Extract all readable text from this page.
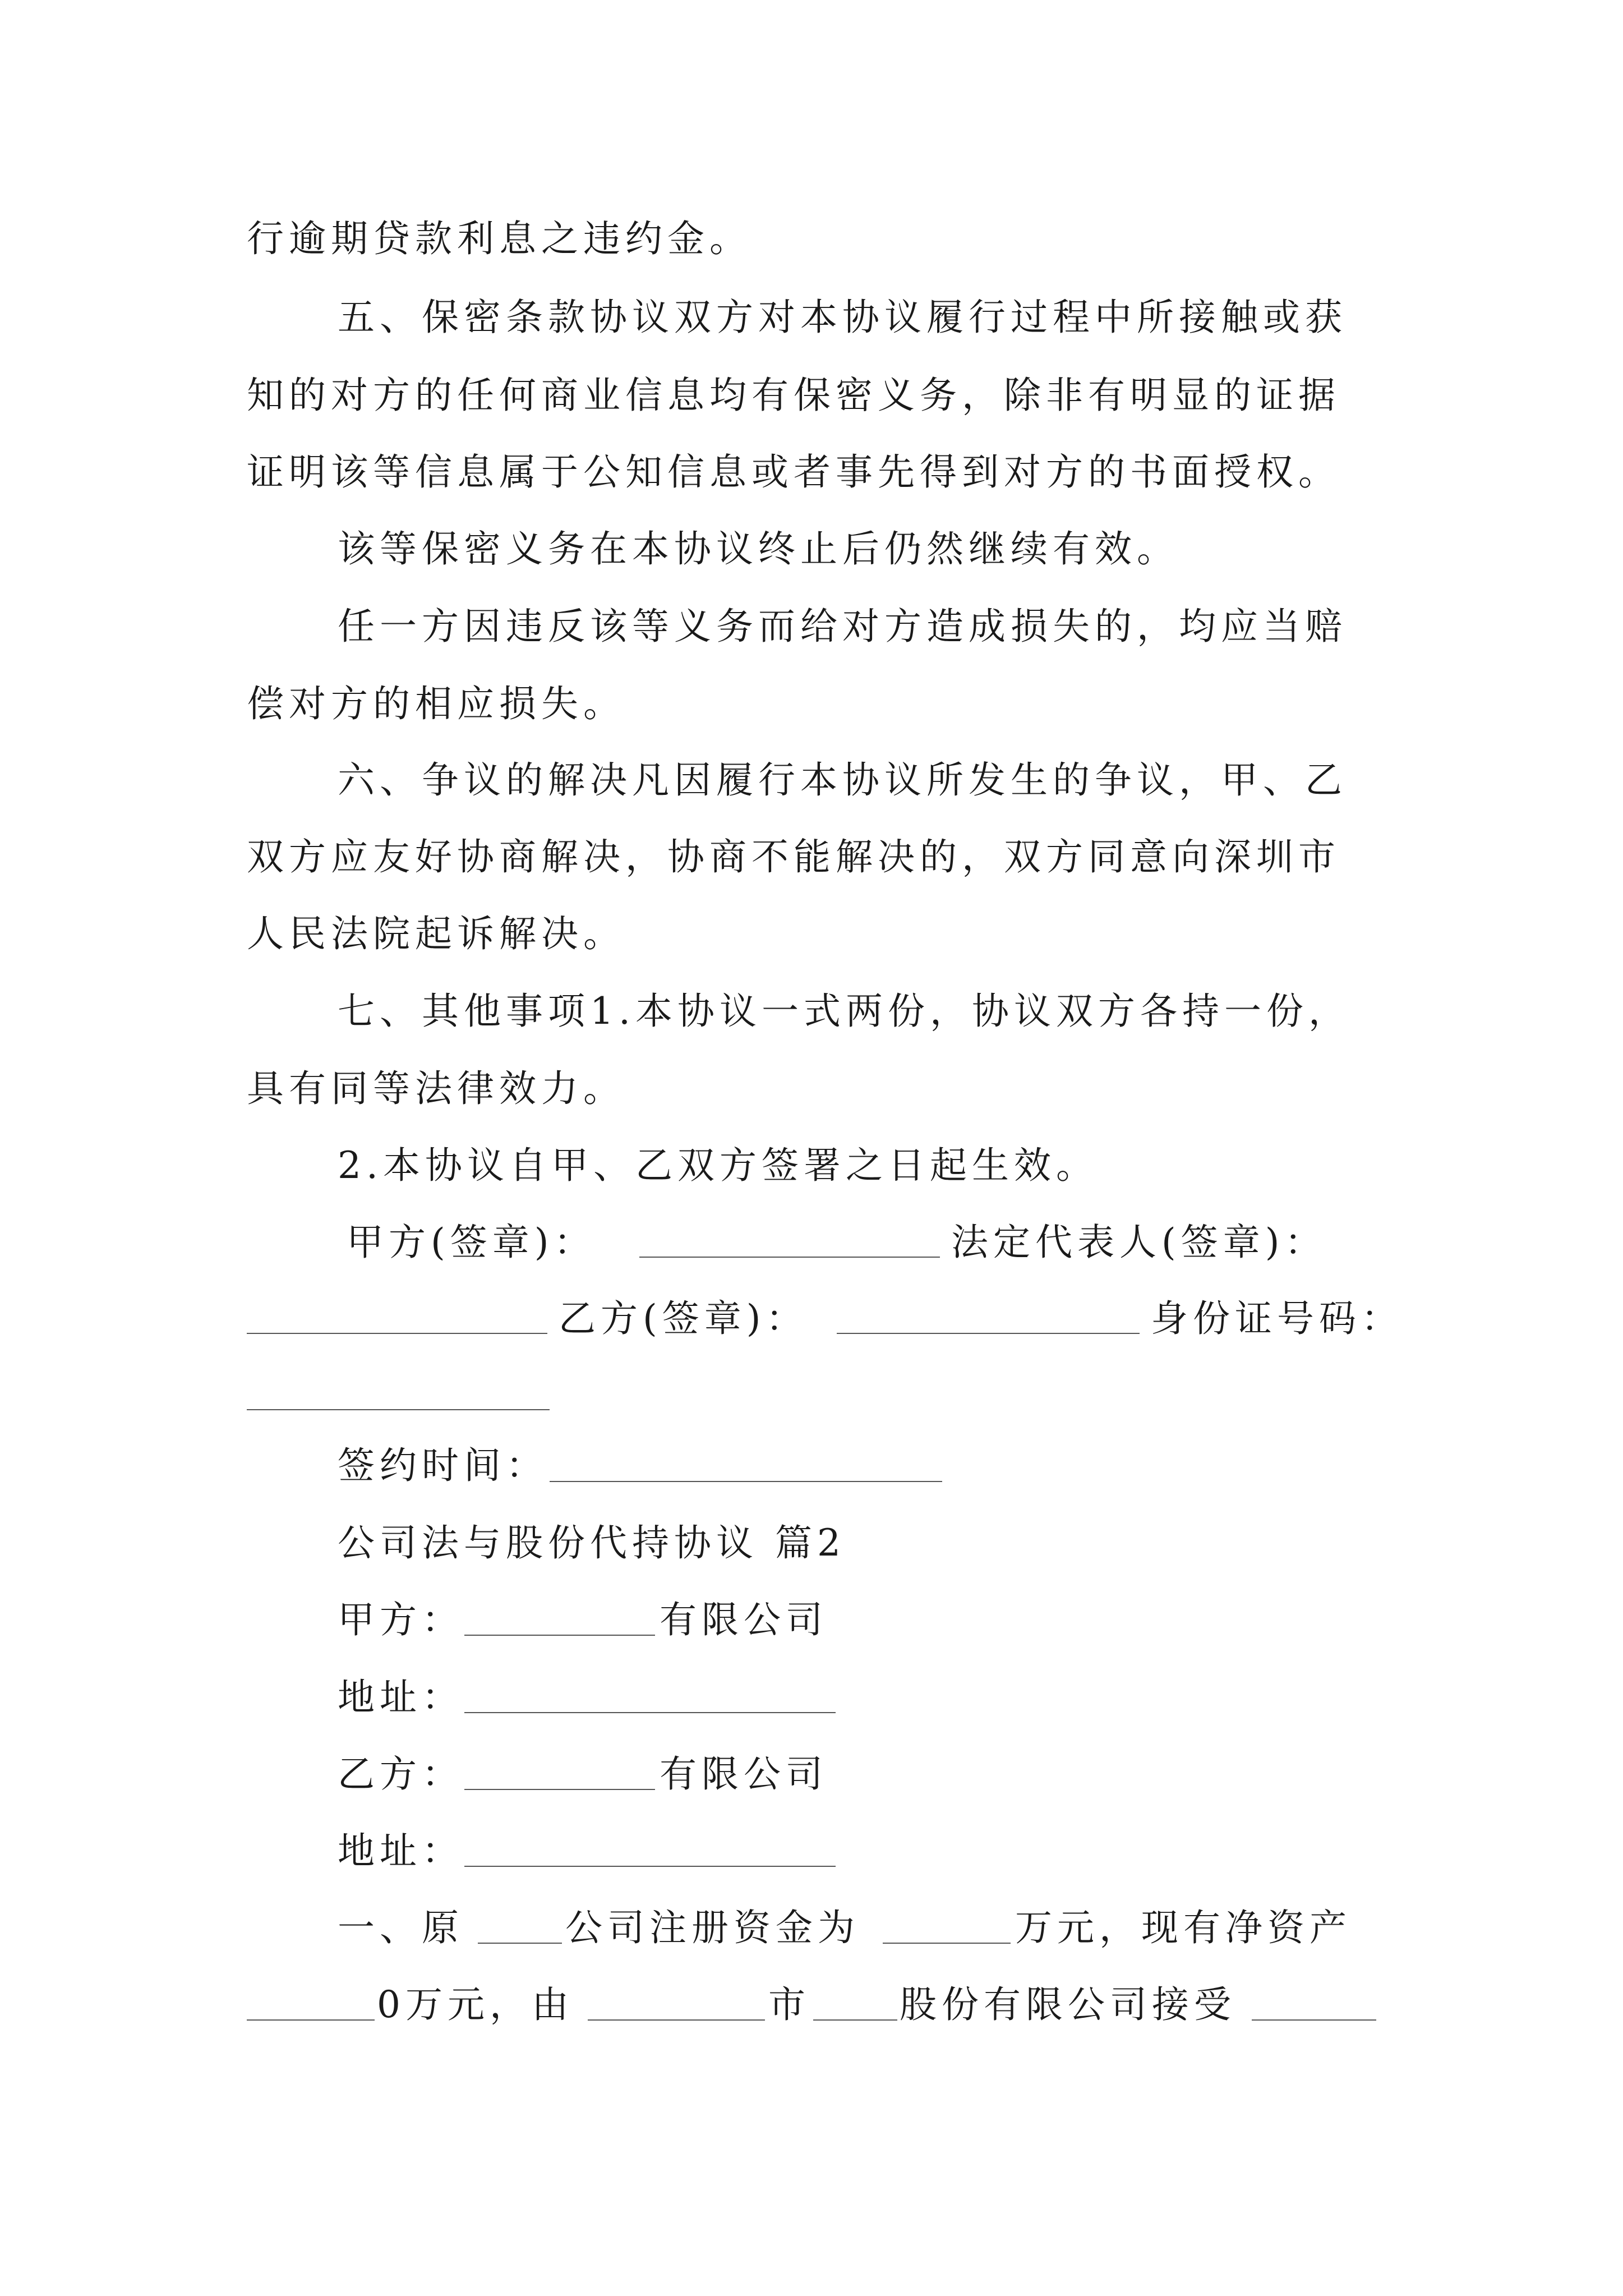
行逾期贷款利息之违约金。
五、保密条款协议双方对本协议履行过程中所接触或获
知的对方的任何商业信息均有保密义务，除非有明显的证据
证明该等信息属于公知信息或者事先得到对方的书面授权。
该等保密义务在本协议终止后仍然继续有效。
任一方因违反该等义务而给对方造成损失的，均应当赔
偿对方的相应损失。
六、争议的解决凡因履行本协议所发生的争议，甲、乙
双方应友好协商解决，协商不能解决的，双方同意向深圳市
人民法院起诉解决。
七、其他事项1.本协议一式两份，协议双方各持一份，
具有同等法律效力。
2.本协议自甲、乙双方签署之日起生效。
甲方(签章)：	法定代表人(签章)：
乙方(签章)：	身份证号码：
签约时间：
公司法与股份代持协议 篇2
甲方：	有限公司
地址：
乙方：	有限公司
地址：
一、原	公司注册资金为	万元，现有净资产
0万元，由	市 股份有限公司接受
